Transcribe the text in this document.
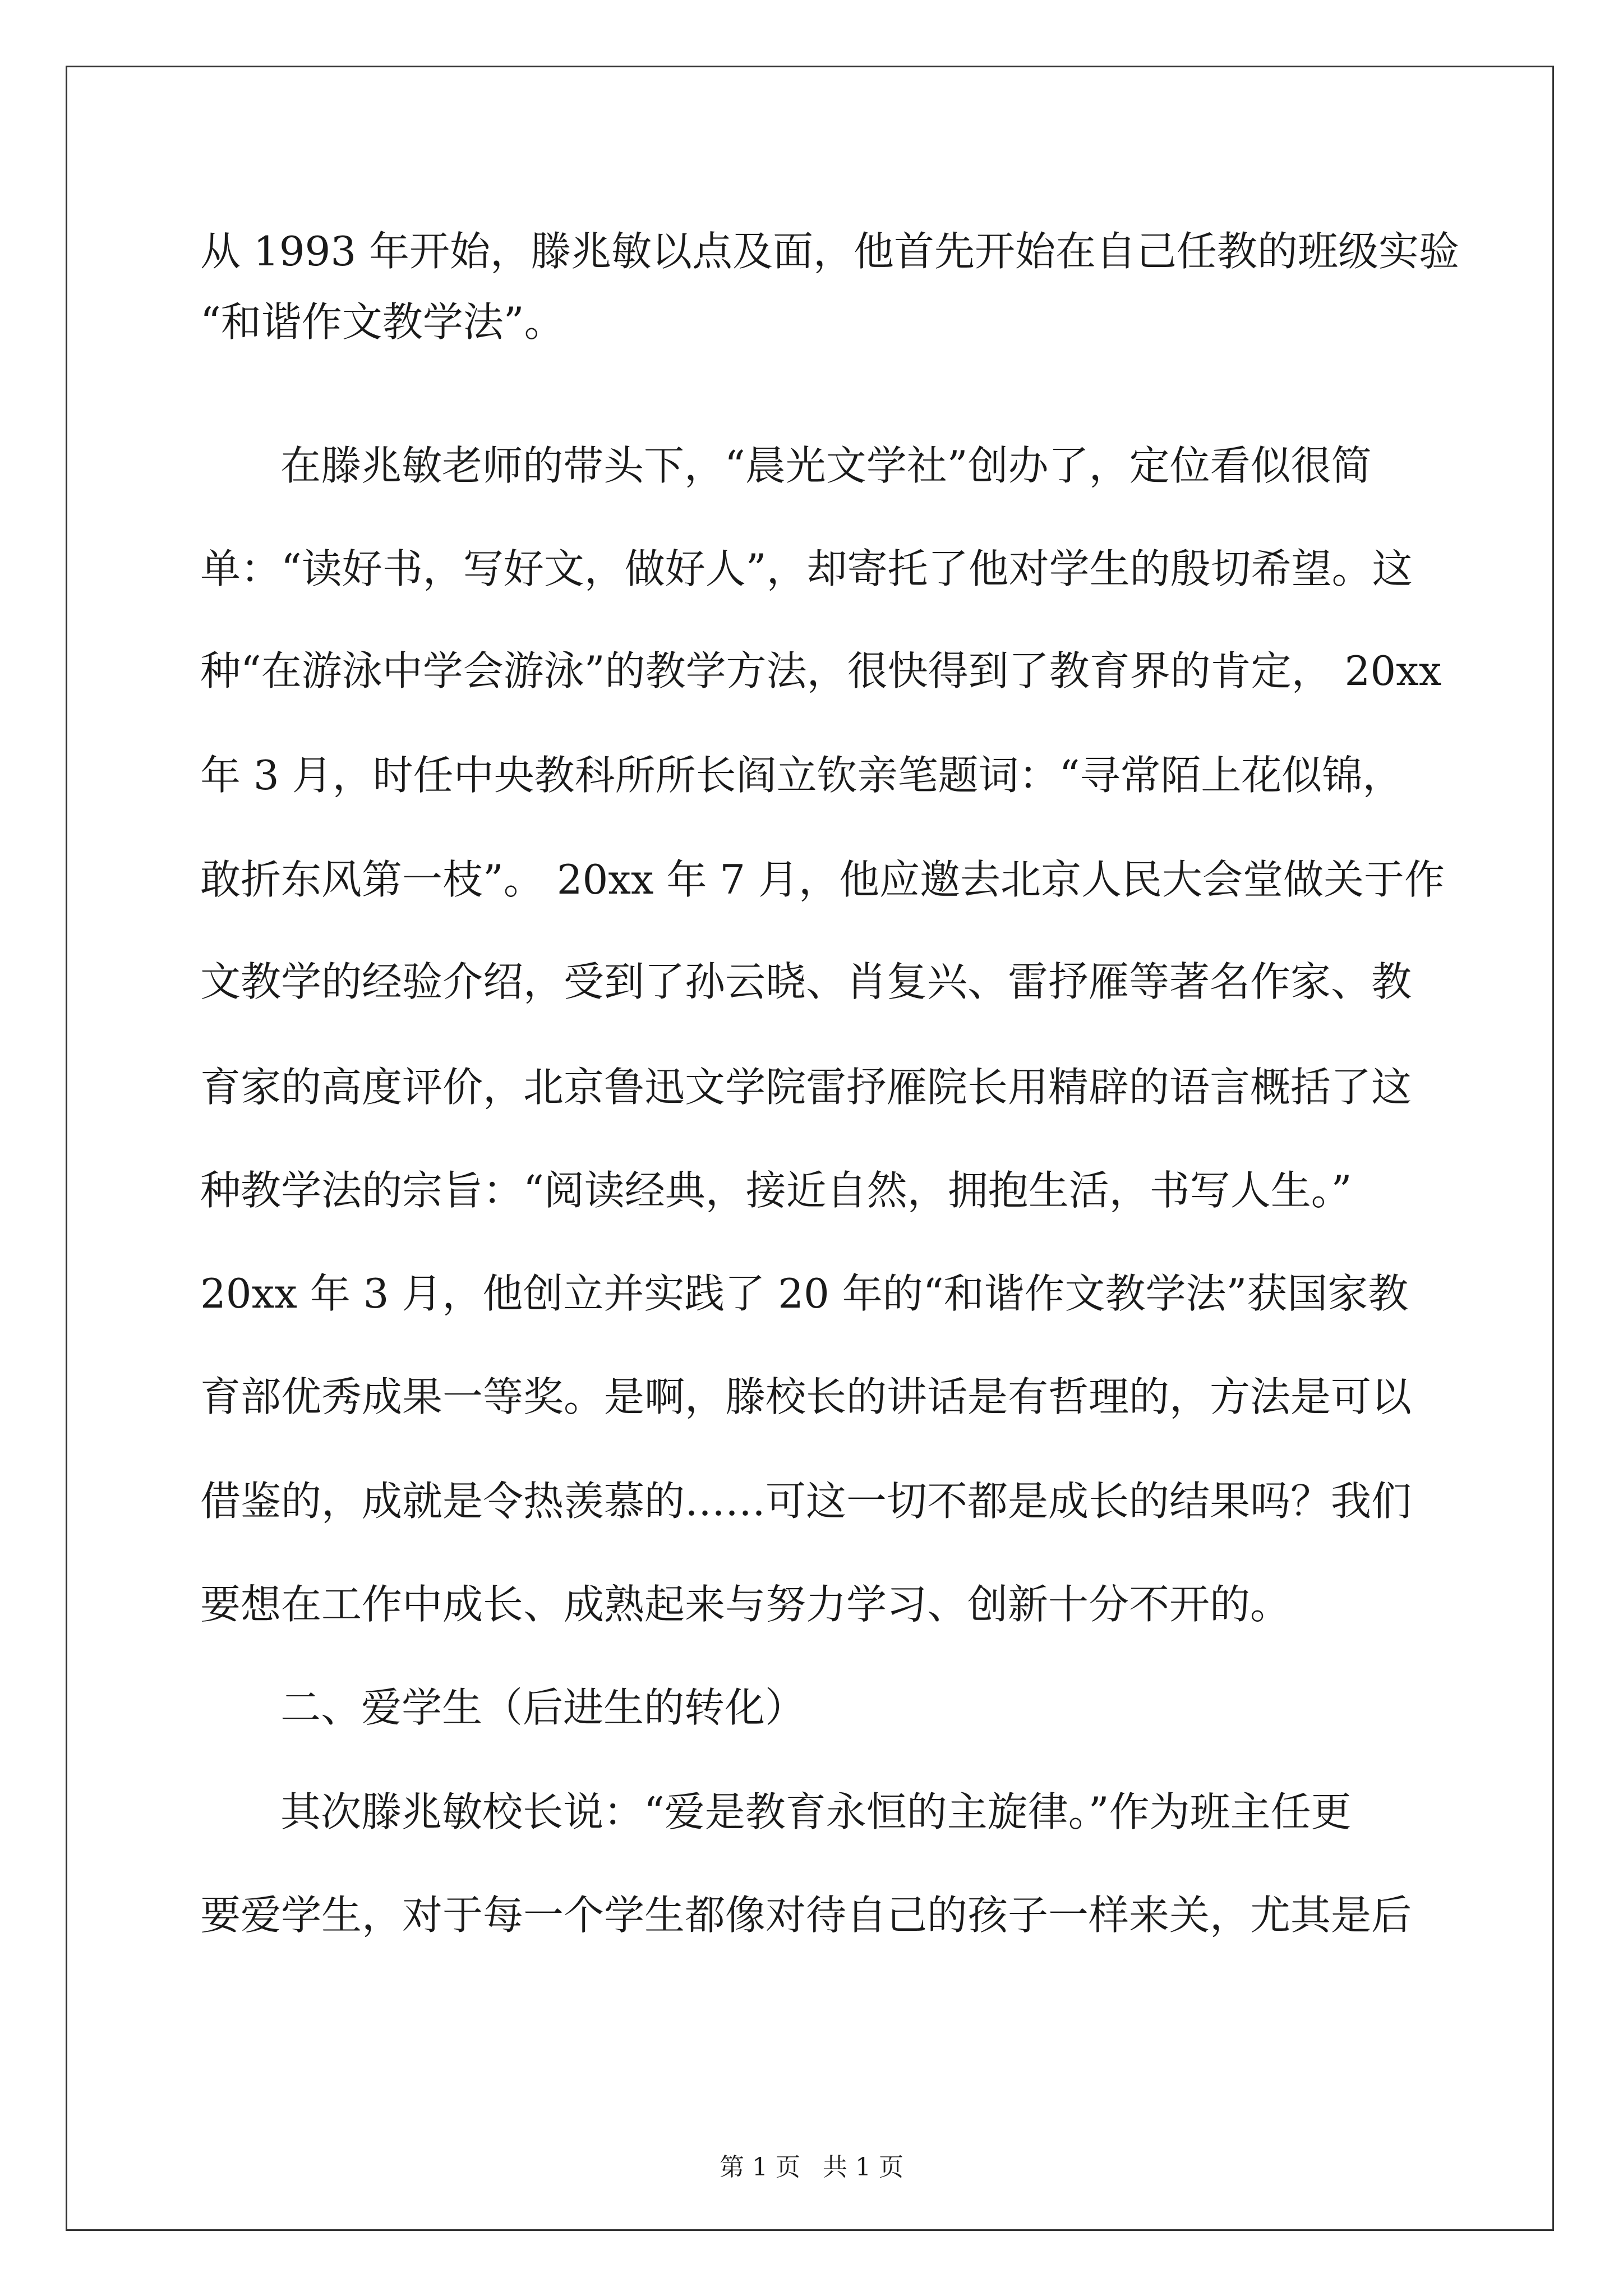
从 1993 年开始，滕兆敏以点及面，他首先开始在自己任教的班级实验

“和谐作文教学法”。

在滕兆敏老师的带头下，“晨光文学社”创办了，定位看似很简

单：“读好书，写好文，做好人”，却寄托了他对学生的殷切希望。这

种“在游泳中学会游泳”的教学方法，很快得到了教育界的肯定， 20xx

年 3 月，时任中央教科所所长阎立钦亲笔题词：“寻常陌上花似锦，

敢折东风第一枝”。 20xx 年 7 月，他应邀去北京人民大会堂做关于作

文教学的经验介绍，受到了孙云晓、肖复兴、雷抒雁等著名作家、教

育家的高度评价，北京鲁迅文学院雷抒雁院长用精辟的语言概括了这

种教学法的宗旨：“阅读经典，接近自然，拥抱生活，书写人生。”

20xx 年 3 月，他创立并实践了 20 年的“和谐作文教学法”获国家教

育部优秀成果一等奖。是啊，滕校长的讲话是有哲理的，方法是可以

借鉴的，成就是令热羡慕的……可这一切不都是成长的结果吗？我们

要想在工作中成长、成熟起来与努力学习、创新十分不开的。

二、爱学生（后进生的转化）

其次滕兆敏校长说：“爱是教育永恒的主旋律。”作为班主任更

要爱学生，对于每一个学生都像对待自己的孩子一样来关，尤其是后

第 1 页 共 1 页
